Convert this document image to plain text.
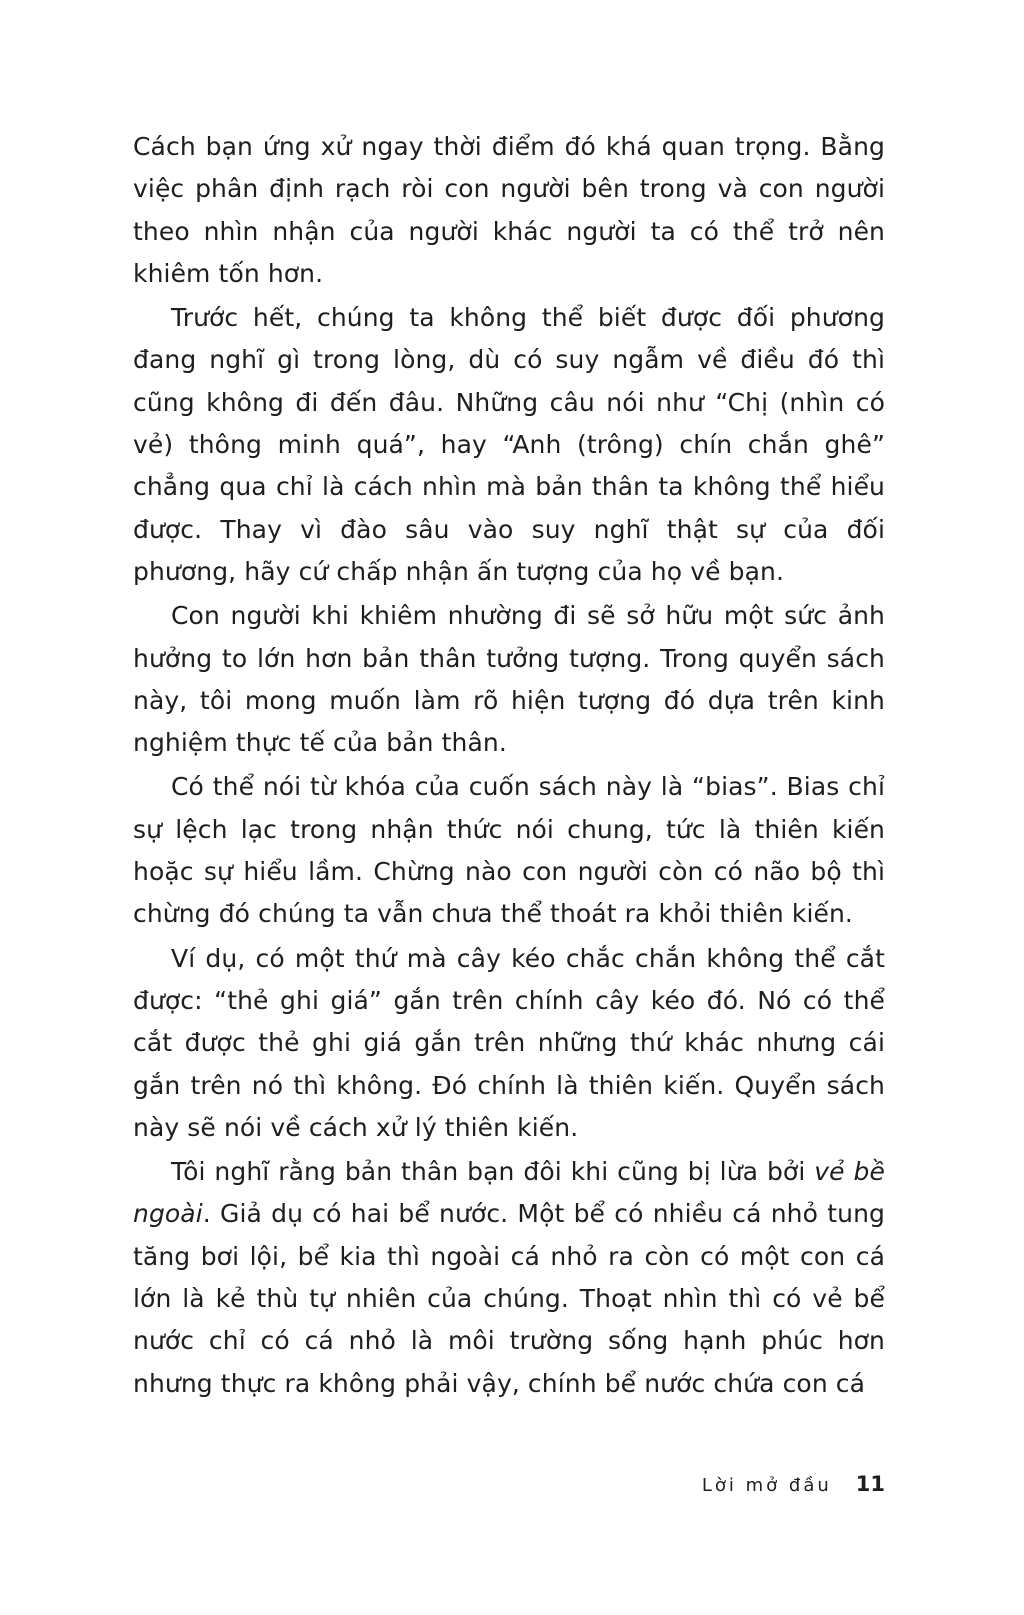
Cách bạn ứng xử ngay thời điểm đó khá quan trọng. Bằng việc phân định rạch ròi con người bên trong và con người theo nhìn nhận của người khác người ta có thể trở nên khiêm tốn hơn.

Trước hết, chúng ta không thể biết được đối phương đang nghĩ gì trong lòng, dù có suy ngẫm về điều đó thì cũng không đi đến đâu. Những câu nói như “Chị (nhìn có vẻ) thông minh quá”, hay “Anh (trông) chín chắn ghê” chẳng qua chỉ là cách nhìn mà bản thân ta không thể hiểu được. Thay vì đào sâu vào suy nghĩ thật sự của đối phương, hãy cứ chấp nhận ấn tượng của họ về bạn.

Con người khi khiêm nhường đi sẽ sở hữu một sức ảnh hưởng to lớn hơn bản thân tưởng tượng. Trong quyển sách này, tôi mong muốn làm rõ hiện tượng đó dựa trên kinh nghiệm thực tế của bản thân.

Có thể nói từ khóa của cuốn sách này là “bias”. Bias chỉ sự lệch lạc trong nhận thức nói chung, tức là thiên kiến hoặc sự hiểu lầm. Chừng nào con người còn có não bộ thì chừng đó chúng ta vẫn chưa thể thoát ra khỏi thiên kiến.

Ví dụ, có một thứ mà cây kéo chắc chắn không thể cắt được: “thẻ ghi giá” gắn trên chính cây kéo đó. Nó có thể cắt được thẻ ghi giá gắn trên những thứ khác nhưng cái gắn trên nó thì không. Đó chính là thiên kiến. Quyển sách này sẽ nói về cách xử lý thiên kiến.

Tôi nghĩ rằng bản thân bạn đôi khi cũng bị lừa bởi vẻ bề ngoài. Giả dụ có hai bể nước. Một bể có nhiều cá nhỏ tung tăng bơi lội, bể kia thì ngoài cá nhỏ ra còn có một con cá lớn là kẻ thù tự nhiên của chúng. Thoạt nhìn thì có vẻ bể nước chỉ có cá nhỏ là môi trường sống hạnh phúc hơn nhưng thực ra không phải vậy, chính bể nước chứa con cá

Lời mở đầu 11
